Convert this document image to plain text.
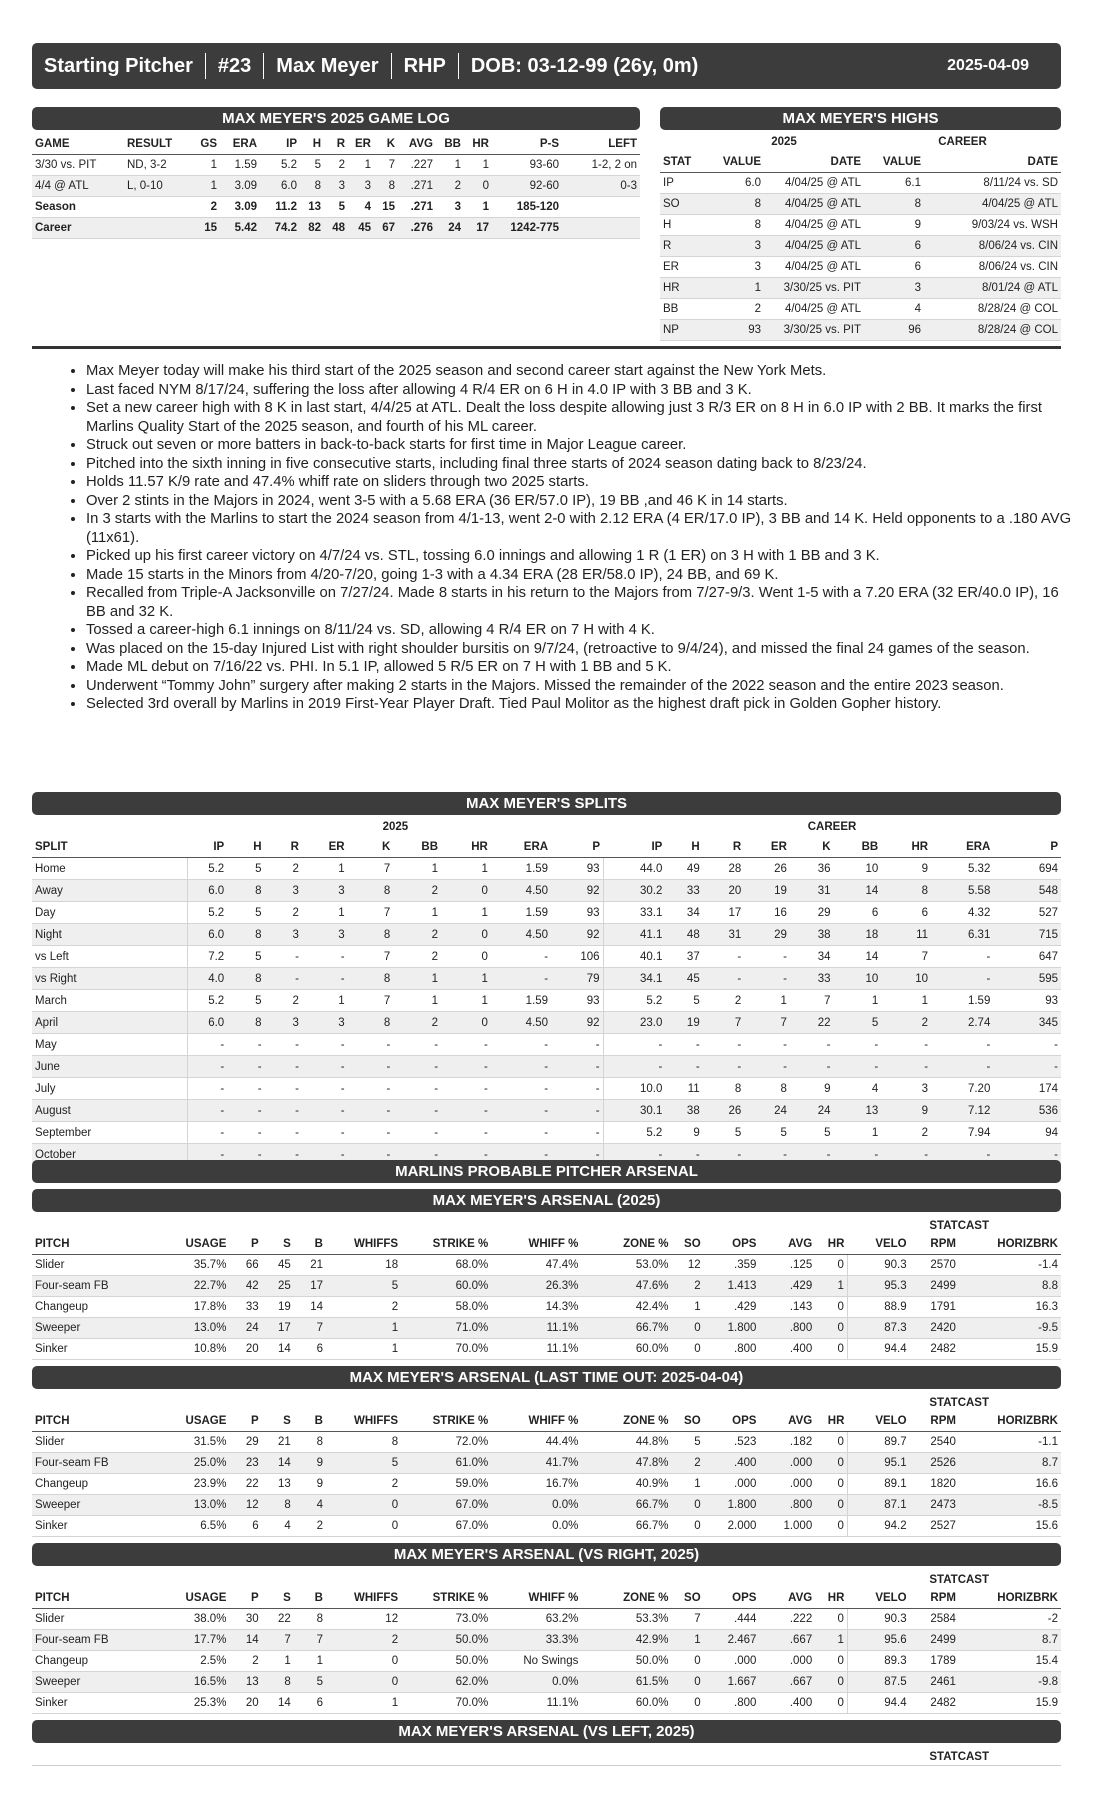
Starting Pitcher #23 Max Meyer RHP DOB: 03-12-99 (26y, 0m)	2025-04-09
MAX MEYER'S 2025 GAME LOG
GAME	RESULT	GS	ERA	IP	H	R	ER	K	AVG	BB	HR	P-S	LEFT
3/30 vs. PIT	ND, 3-2	1	1.59	5.2	5	2	1	7	.227	1	1	93-60	1-2, 2 on
4/4 @ ATL	L, 0-10	1	3.09	6.0	8	3	3	8	.271	2	0	92-60	0-3
Season		2	3.09	11.2	13	5	4	15	.271	3	1	185-120	
Career		15	5.42	74.2	82	48	45	67	.276	24	17	1242-775	
MAX MEYER'S HIGHS
	2025		CAREER	
STAT	VALUE	DATE	VALUE	DATE
IP	6.0	4/04/25 @ ATL	6.1	8/11/24 vs. SD
SO	8	4/04/25 @ ATL	8	4/04/25 @ ATL
H	8	4/04/25 @ ATL	9	9/03/24 vs. WSH
R	3	4/04/25 @ ATL	6	8/06/24 vs. CIN
ER	3	4/04/25 @ ATL	6	8/06/24 vs. CIN
HR	1	3/30/25 vs. PIT	3	8/01/24 @ ATL
BB	2	4/04/25 @ ATL	4	8/28/24 @ COL
NP	93	3/30/25 vs. PIT	96	8/28/24 @ COL
• Max Meyer today will make his third start of the 2025 season and second career start against the New York Mets.
• Last faced NYM 8/17/24, suffering the loss after allowing 4 R/4 ER on 6 H in 4.0 IP with 3 BB and 3 K.
• Set a new career high with 8 K in last start, 4/4/25 at ATL. Dealt the loss despite allowing just 3 R/3 ER on 8 H in 6.0 IP with 2 BB. It marks the first Marlins Quality Start of the 2025 season, and fourth of his ML career.
• Struck out seven or more batters in back-to-back starts for first time in Major League career.
• Pitched into the sixth inning in five consecutive starts, including final three starts of 2024 season dating back to 8/23/24.
• Holds 11.57 K/9 rate and 47.4% whiff rate on sliders through two 2025 starts.
• Over 2 stints in the Majors in 2024, went 3-5 with a 5.68 ERA (36 ER/57.0 IP), 19 BB ,and 46 K in 14 starts.
• In 3 starts with the Marlins to start the 2024 season from 4/1-13, went 2-0 with 2.12 ERA (4 ER/17.0 IP), 3 BB and 14 K. Held opponents to a .180 AVG (11x61).
• Picked up his first career victory on 4/7/24 vs. STL, tossing 6.0 innings and allowing 1 R (1 ER) on 3 H with 1 BB and 3 K.
• Made 15 starts in the Minors from 4/20-7/20, going 1-3 with a 4.34 ERA (28 ER/58.0 IP), 24 BB, and 69 K.
• Recalled from Triple-A Jacksonville on 7/27/24. Made 8 starts in his return to the Majors from 7/27-9/3. Went 1-5 with a 7.20 ERA (32 ER/40.0 IP), 16 BB and 32 K.
• Tossed a career-high 6.1 innings on 8/11/24 vs. SD, allowing 4 R/4 ER on 7 H with 4 K.
• Was placed on the 15-day Injured List with right shoulder bursitis on 9/7/24, (retroactive to 9/4/24), and missed the final 24 games of the season.
• Made ML debut on 7/16/22 vs. PHI. In 5.1 IP, allowed 5 R/5 ER on 7 H with 1 BB and 5 K.
• Underwent “Tommy John” surgery after making 2 starts in the Majors. Missed the remainder of the 2022 season and the entire 2023 season.
• Selected 3rd overall by Marlins in 2019 First-Year Player Draft. Tied Paul Molitor as the highest draft pick in Golden Gopher history.
MAX MEYER'S SPLITS
	2025									CAREER								
SPLIT	IP	H	R	ER	K	BB	HR	ERA	P	IP	H	R	ER	K	BB	HR	ERA	P
Home	5.2	5	2	1	7	1	1	1.59	93	44.0	49	28	26	36	10	9	5.32	694
Away	6.0	8	3	3	8	2	0	4.50	92	30.2	33	20	19	31	14	8	5.58	548
Day	5.2	5	2	1	7	1	1	1.59	93	33.1	34	17	16	29	6	6	4.32	527
Night	6.0	8	3	3	8	2	0	4.50	92	41.1	48	31	29	38	18	11	6.31	715
vs Left	7.2	5	-	-	7	2	0	-	106	40.1	37	-	-	34	14	7	-	647
vs Right	4.0	8	-	-	8	1	1	-	79	34.1	45	-	-	33	10	10	-	595
March	5.2	5	2	1	7	1	1	1.59	93	5.2	5	2	1	7	1	1	1.59	93
April	6.0	8	3	3	8	2	0	4.50	92	23.0	19	7	7	22	5	2	2.74	345
May	-	-	-	-	-	-	-	-	-	-	-	-	-	-	-	-	-	-
June	-	-	-	-	-	-	-	-	-	-	-	-	-	-	-	-	-	-
July	-	-	-	-	-	-	-	-	-	10.0	11	8	8	9	4	3	7.20	174
August	-	-	-	-	-	-	-	-	-	30.1	38	26	24	24	13	9	7.12	536
September	-	-	-	-	-	-	-	-	-	5.2	9	5	5	5	1	2	7.94	94
October	-	-	-	-	-	-	-	-	-	-	-	-	-	-	-	-	-	-
MARLINS PROBABLE PITCHER ARSENAL
MAX MEYER'S ARSENAL (2025)
STATCAST
PITCH	USAGE	P	S	B	WHIFFS	STRIKE %	WHIFF %	ZONE %	SO	OPS	AVG	HR	VELO	RPM	HORIZBRK
Slider	35.7%	66	45	21	18	68.0%	47.4%	53.0%	12	.359	.125	0	90.3	2570	-1.4
Four-seam FB	22.7%	42	25	17	5	60.0%	26.3%	47.6%	2	1.413	.429	1	95.3	2499	8.8
Changeup	17.8%	33	19	14	2	58.0%	14.3%	42.4%	1	.429	.143	0	88.9	1791	16.3
Sweeper	13.0%	24	17	7	1	71.0%	11.1%	66.7%	0	1.800	.800	0	87.3	2420	-9.5
Sinker	10.8%	20	14	6	1	70.0%	11.1%	60.0%	0	.800	.400	0	94.4	2482	15.9
MAX MEYER'S ARSENAL (LAST TIME OUT: 2025-04-04)
STATCAST
PITCH	USAGE	P	S	B	WHIFFS	STRIKE %	WHIFF %	ZONE %	SO	OPS	AVG	HR	VELO	RPM	HORIZBRK
Slider	31.5%	29	21	8	8	72.0%	44.4%	44.8%	5	.523	.182	0	89.7	2540	-1.1
Four-seam FB	25.0%	23	14	9	5	61.0%	41.7%	47.8%	2	.400	.000	0	95.1	2526	8.7
Changeup	23.9%	22	13	9	2	59.0%	16.7%	40.9%	1	.000	.000	0	89.1	1820	16.6
Sweeper	13.0%	12	8	4	0	67.0%	0.0%	66.7%	0	1.800	.800	0	87.1	2473	-8.5
Sinker	6.5%	6	4	2	0	67.0%	0.0%	66.7%	0	2.000	1.000	0	94.2	2527	15.6
MAX MEYER'S ARSENAL (VS RIGHT, 2025)
STATCAST
PITCH	USAGE	P	S	B	WHIFFS	STRIKE %	WHIFF %	ZONE %	SO	OPS	AVG	HR	VELO	RPM	HORIZBRK
Slider	38.0%	30	22	8	12	73.0%	63.2%	53.3%	7	.444	.222	0	90.3	2584	-2
Four-seam FB	17.7%	14	7	7	2	50.0%	33.3%	42.9%	1	2.467	.667	1	95.6	2499	8.7
Changeup	2.5%	2	1	1	0	50.0%	No Swings	50.0%	0	.000	.000	0	89.3	1789	15.4
Sweeper	16.5%	13	8	5	0	62.0%	0.0%	61.5%	0	1.667	.667	0	87.5	2461	-9.8
Sinker	25.3%	20	14	6	1	70.0%	11.1%	60.0%	0	.800	.400	0	94.4	2482	15.9
MAX MEYER'S ARSENAL (VS LEFT, 2025)
STATCAST
